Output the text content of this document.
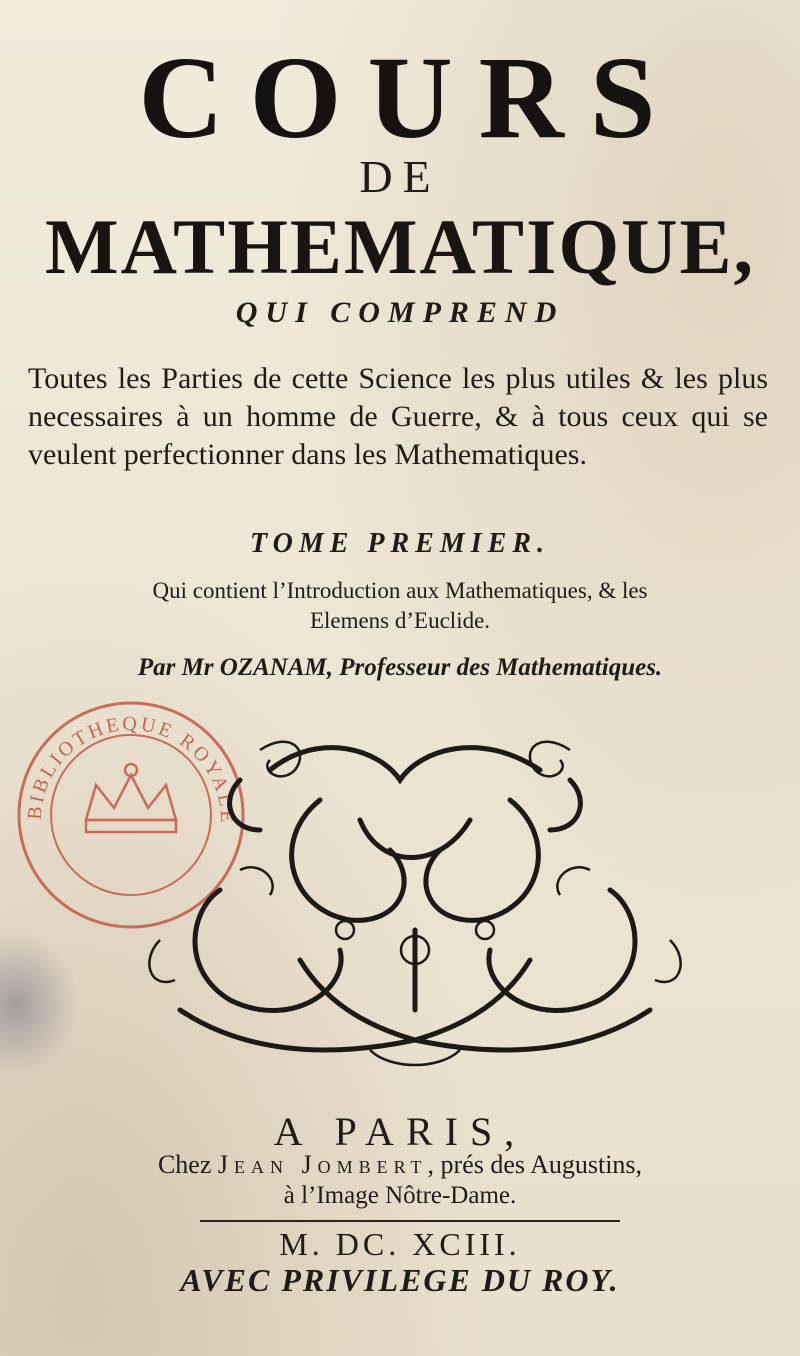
COURS
DE
MATHEMATIQUE,
QUI COMPREND
Toutes les Parties de cette Science les plus utiles & les plus necessaires à un homme de Guerre, & à tous ceux qui se veulent perfectionner dans les Mathematiques.
TOME PREMIER.
Qui contient l’Introduction aux Mathematiques, & les Elemens d’Euclide.
Par Mr OZANAM, Professeur des Mathematiques.
BIBLIOTHEQUE ROYALE
A PARIS,
Chez Jean Jombert, prés des Augustins,
à l’Image Nôtre-Dame.
M. DC. XCIII.
AVEC PRIVILEGE DU ROY.
